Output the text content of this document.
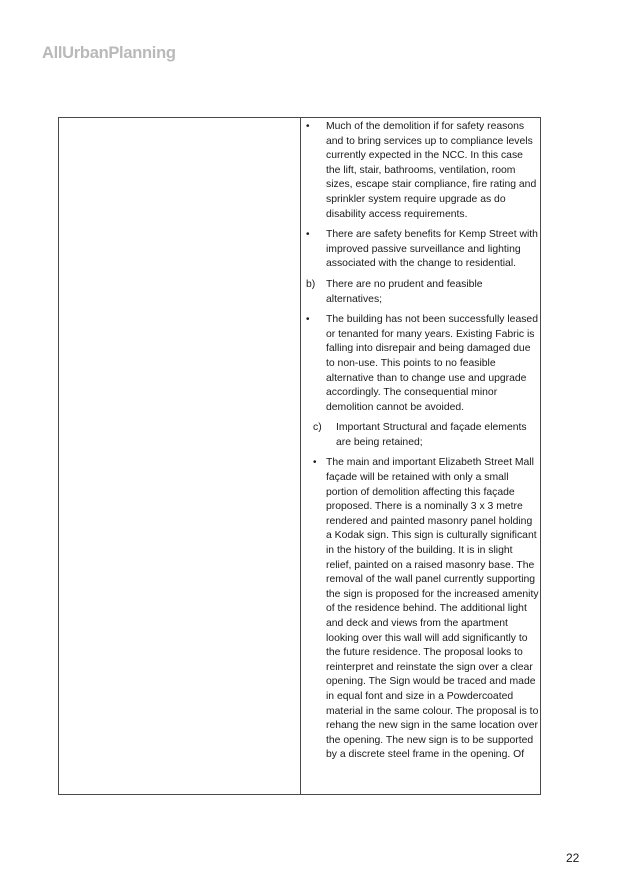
AllUrbanPlanning
• Much of the demolition if for safety reasons and to bring services up to compliance levels currently expected in the NCC. In this case the lift, stair, bathrooms, ventilation, room sizes, escape stair compliance, fire rating and sprinkler system require upgrade as do disability access requirements.
• There are safety benefits for Kemp Street with improved passive surveillance and lighting associated with the change to residential.
b) There are no prudent and feasible alternatives;
• The building has not been successfully leased or tenanted for many years. Existing Fabric is falling into disrepair and being damaged due to non-use. This points to no feasible alternative than to change use and upgrade accordingly. The consequential minor demolition cannot be avoided.
c) Important Structural and façade elements are being retained;
• The main and important Elizabeth Street Mall façade will be retained with only a small portion of demolition affecting this façade proposed. There is a nominally 3 x 3 metre rendered and painted masonry panel holding a Kodak sign. This sign is culturally significant in the history of the building. It is in slight relief, painted on a raised masonry base. The removal of the wall panel currently supporting the sign is proposed for the increased amenity of the residence behind. The additional light and deck and views from the apartment looking over this wall will add significantly to the future residence. The proposal looks to reinterpret and reinstate the sign over a clear opening. The Sign would be traced and made in equal font and size in a Powdercoated material in the same colour. The proposal is to rehang the new sign in the same location over the opening. The new sign is to be supported by a discrete steel frame in the opening. Of
22
